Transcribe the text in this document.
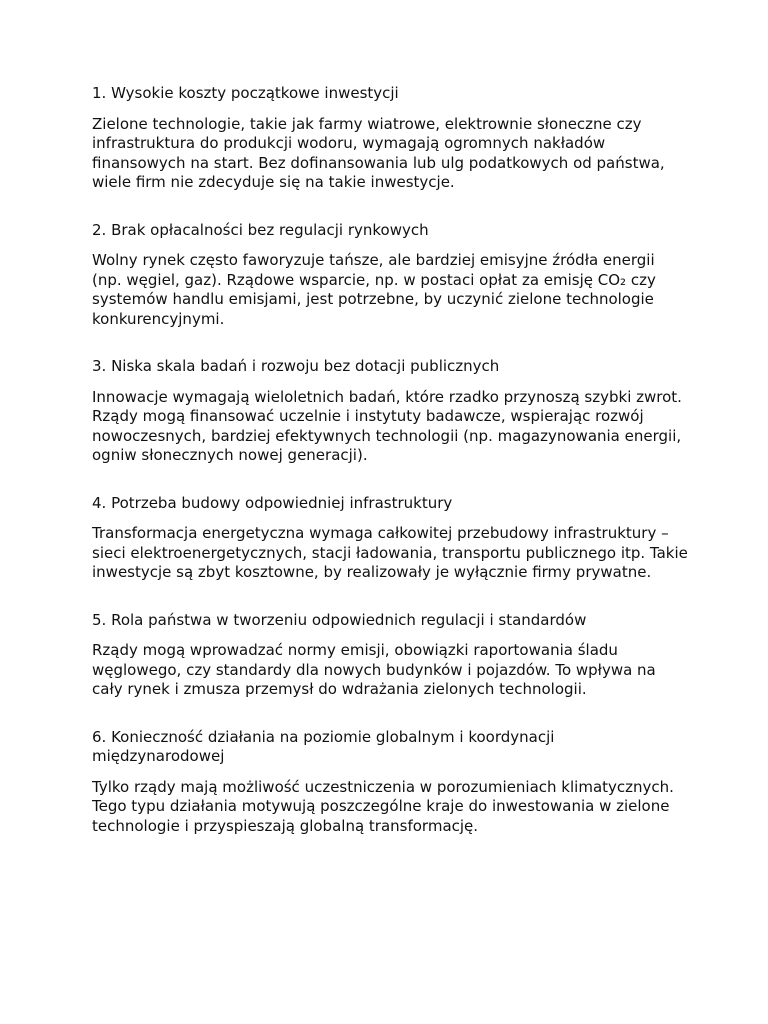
1. Wysokie koszty początkowe inwestycji

Zielone technologie, takie jak farmy wiatrowe, elektrownie słoneczne czy infrastruktura do produkcji wodoru, wymagają ogromnych nakładów finansowych na start. Bez dofinansowania lub ulg podatkowych od państwa, wiele firm nie zdecyduje się na takie inwestycje.

2. Brak opłacalności bez regulacji rynkowych

Wolny rynek często faworyzuje tańsze, ale bardziej emisyjne źródła energii (np. węgiel, gaz). Rządowe wsparcie, np. w postaci opłat za emisję CO₂ czy systemów handlu emisjami, jest potrzebne, by uczynić zielone technologie konkurencyjnymi.

3. Niska skala badań i rozwoju bez dotacji publicznych

Innowacje wymagają wieloletnich badań, które rzadko przynoszą szybki zwrot. Rządy mogą finansować uczelnie i instytuty badawcze, wspierając rozwój nowoczesnych, bardziej efektywnych technologii (np. magazynowania energii, ogniw słonecznych nowej generacji).

4. Potrzeba budowy odpowiedniej infrastruktury

Transformacja energetyczna wymaga całkowitej przebudowy infrastruktury – sieci elektroenergetycznych, stacji ładowania, transportu publicznego itp. Takie inwestycje są zbyt kosztowne, by realizowały je wyłącznie firmy prywatne.

5. Rola państwa w tworzeniu odpowiednich regulacji i standardów

Rządy mogą wprowadzać normy emisji, obowiązki raportowania śladu węglowego, czy standardy dla nowych budynków i pojazdów. To wpływa na cały rynek i zmusza przemysł do wdrażania zielonych technologii.

6. Konieczność działania na poziomie globalnym i koordynacji międzynarodowej

Tylko rządy mają możliwość uczestniczenia w porozumieniach klimatycznych. Tego typu działania motywują poszczególne kraje do inwestowania w zielone technologie i przyspieszają globalną transformację.
